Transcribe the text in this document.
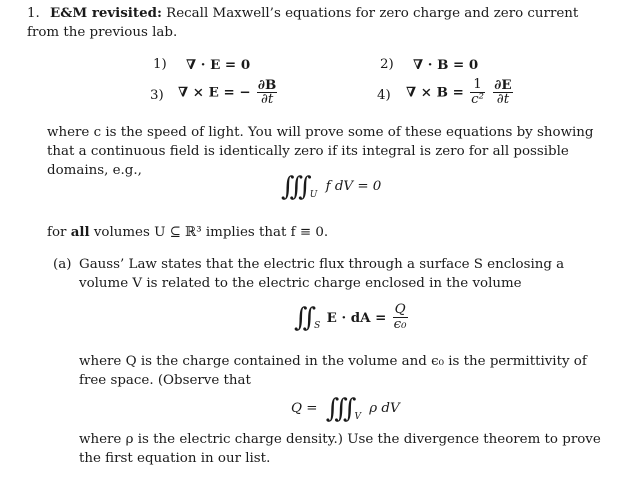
1. E&M revisited: Recall Maxwell’s equations for zero charge and zero current from the previous lab.
1) ∇ · E = 0	2) ∇ · B = 0
3) ∇ × E = − $\frac{\partial B}{\partial t}$	4) ∇ × $B = \frac{1}{\text{c²}}$
$\frac{\partial E}{\partial t}$
where c is the speed of light. You will prove some of these equations by showing that a continuous field is identically zero if its integral is zero for all possible domains, e.g.,
∭ $_U$ f dV = 0
for all volumes U ⊆ ℝ³ implies that f ≡ 0.
(a) Gauss’ Law states that the electric flux through a surface S enclosing a volume V is related to the electric charge enclosed in the volume
∬ $_S$ E · dA = $\frac{Q}{\text{ϵ₀}}$
where Q is the charge contained in the volume and ϵ₀ is the permittivity of free space. (Observe that
Q = ∭ $_V$ ρ dV
where ρ is the electric charge density.) Use the divergence theorem to prove the first equation in our list.
